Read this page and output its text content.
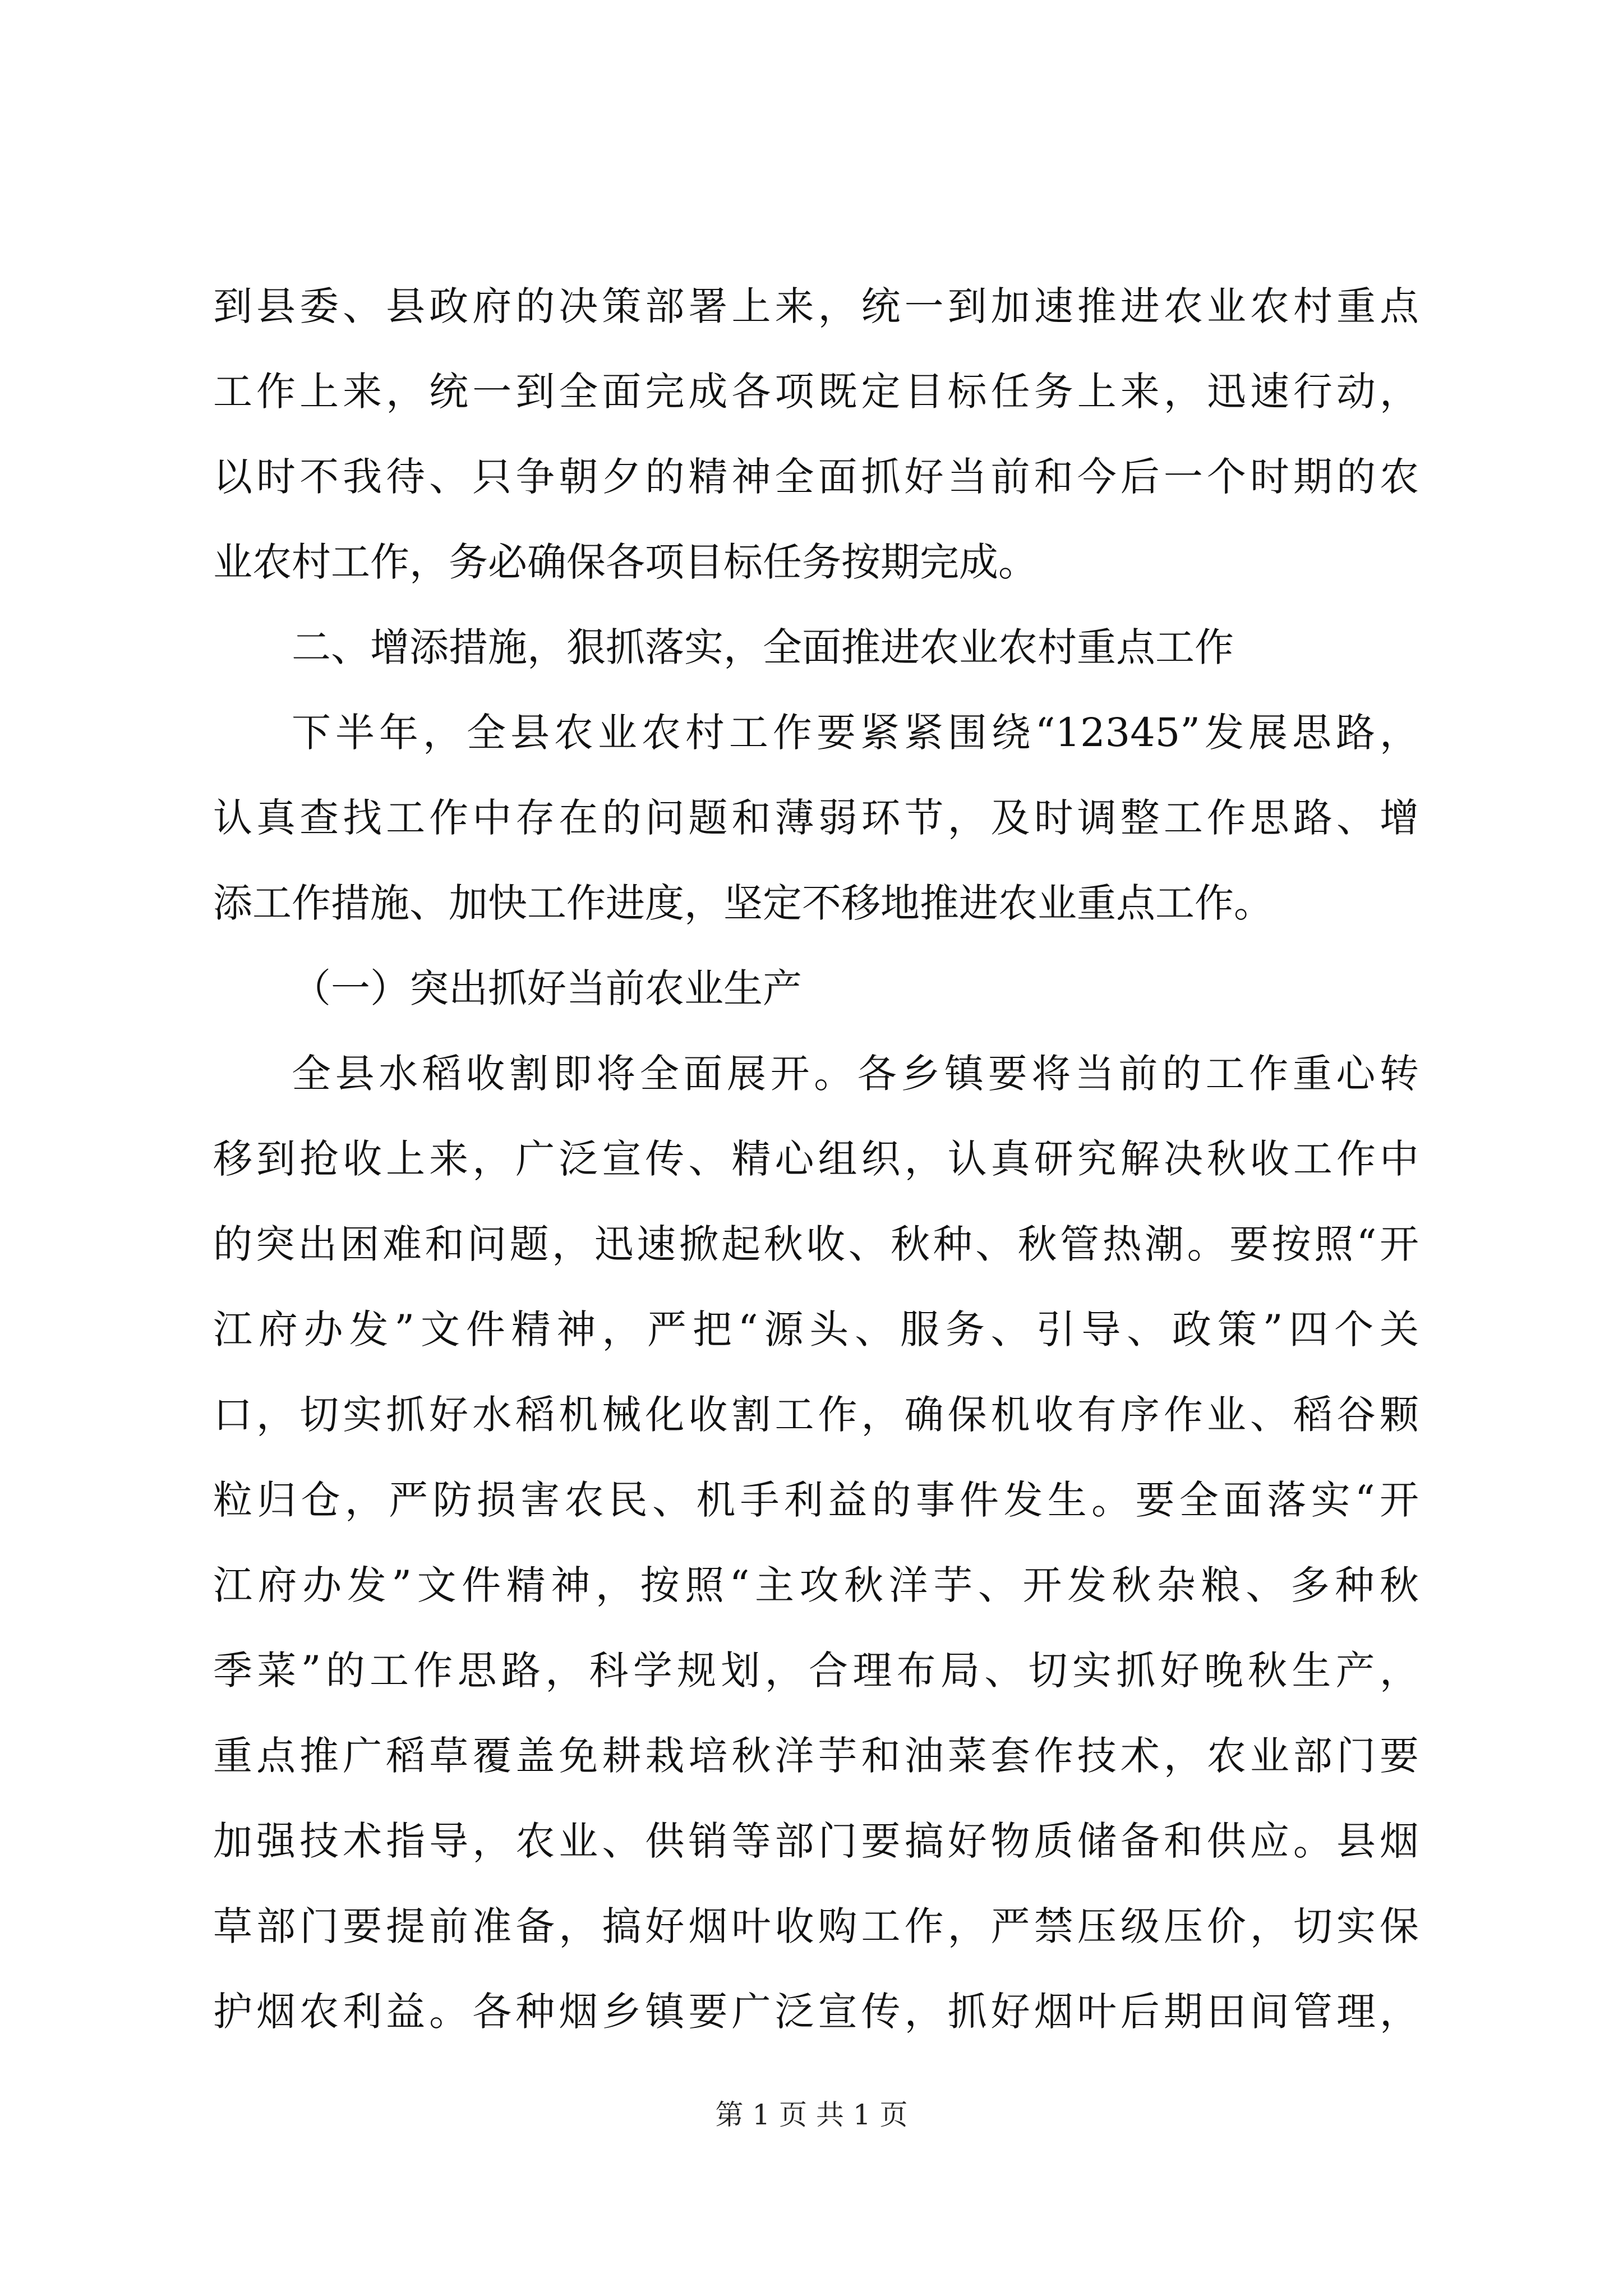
到县委、县政府的决策部署上来，统一到加速推进农业农村重点
工作上来，统一到全面完成各项既定目标任务上来，迅速行动，
以时不我待、只争朝夕的精神全面抓好当前和今后一个时期的农
业农村工作，务必确保各项目标任务按期完成。
二、增添措施，狠抓落实，全面推进农业农村重点工作
下半年，全县农业农村工作要紧紧围绕“12345”发展思路，
认真查找工作中存在的问题和薄弱环节，及时调整工作思路、增
添工作措施、加快工作进度，坚定不移地推进农业重点工作。
（一）突出抓好当前农业生产
全县水稻收割即将全面展开。各乡镇要将当前的工作重心转
移到抢收上来，广泛宣传、精心组织，认真研究解决秋收工作中
的突出困难和问题，迅速掀起秋收、秋种、秋管热潮。要按照“开
江府办发”文件精神，严把“源头、服务、引导、政策”四个关
口，切实抓好水稻机械化收割工作，确保机收有序作业、稻谷颗
粒归仓，严防损害农民、机手利益的事件发生。要全面落实“开
江府办发”文件精神，按照“主攻秋洋芋、开发秋杂粮、多种秋
季菜”的工作思路，科学规划，合理布局、切实抓好晚秋生产，
重点推广稻草覆盖免耕栽培秋洋芋和油菜套作技术，农业部门要
加强技术指导，农业、供销等部门要搞好物质储备和供应。县烟
草部门要提前准备，搞好烟叶收购工作，严禁压级压价，切实保
护烟农利益。各种烟乡镇要广泛宣传，抓好烟叶后期田间管理，
第 1 页 共 1 页
